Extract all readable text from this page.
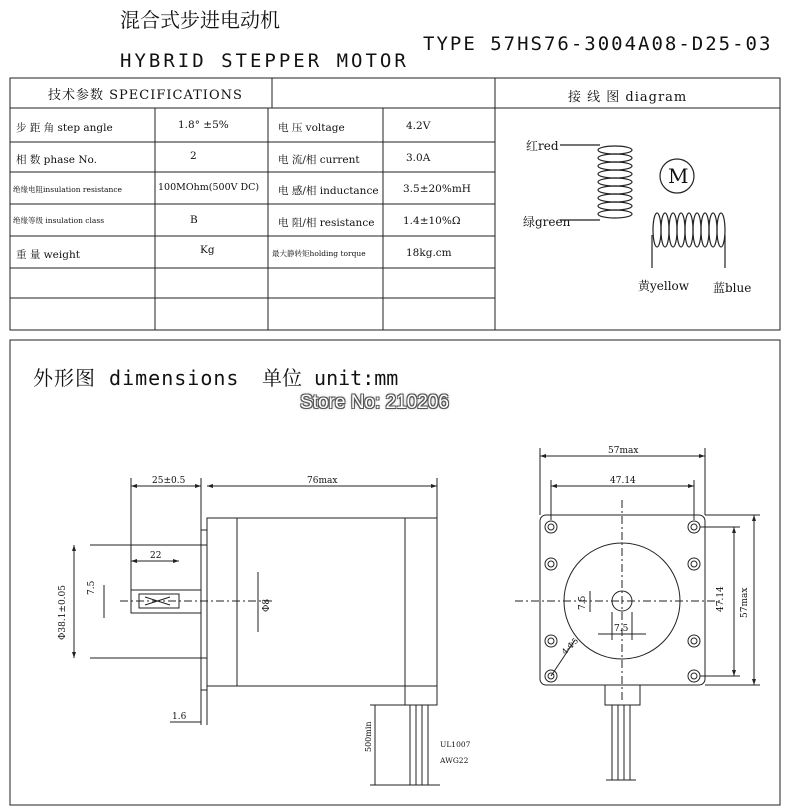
混合式步进电动机
HYBRID STEPPER MOTOR
TYPE 57HS76-3004A08-D25-03
技术参数 SPECIFICATIONS	接 线 图 diagram
步 距 角 step angle	1.8° ±5%	电 压 voltage	4.2V
相 数 phase No.	2	电 流/相 current	3.0A
绝缘电阻insulation resistance	100MOhm(500V DC) 电 感/相 inductance 3.5±20%mH
绝缘等级 insulation class	B	电 阻/相 resistance	1.4±10%Ω
重 量 weight	Kg	最大静转矩holding torque	18kg.cm
红red
绿green
黄yellow 蓝blue
M
外形图 dimensions 单位 unit:mm
Store No: 210206
25±0.5	76max
22
7.5
Φ38.1±0.05	Φ8
1.6
500min	UL1007
AWG22
57max
47.14
47.14 57max
7.5
7.5
4-Φ5
